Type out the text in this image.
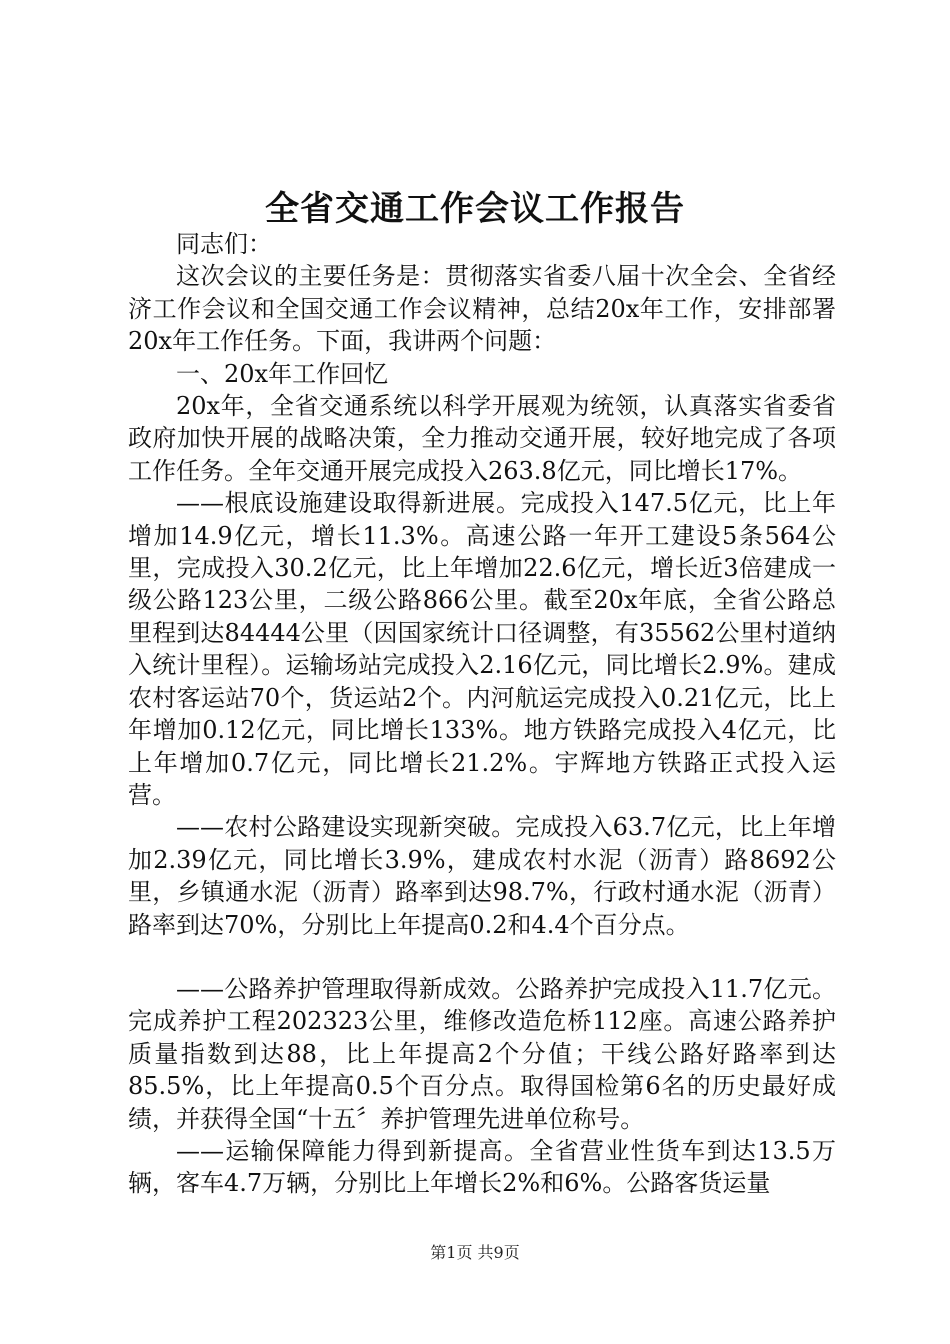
全省交通工作会议工作报告

同志们：

这次会议的主要任务是：贯彻落实省委八届十次全会、全省经济工作会议和全国交通工作会议精神，总结20x年工作，安排部署20x年工作任务。下面，我讲两个问题：

一、20x年工作回忆

20x年，全省交通系统以科学开展观为统领，认真落实省委省政府加快开展的战略决策，全力推动交通开展，较好地完成了各项工作任务。全年交通开展完成投入263.8亿元，同比增长17%。

——根底设施建设取得新进展。完成投入147.5亿元，比上年增加14.9亿元，增长11.3%。高速公路一年开工建设5条564公里，完成投入30.2亿元，比上年增加22.6亿元，增长近3倍建成一级公路123公里，二级公路866公里。截至20x年底，全省公路总里程到达84444公里（因国家统计口径调整，有35562公里村道纳入统计里程）。运输场站完成投入2.16亿元，同比增长2.9%。建成农村客运站70个，货运站2个。内河航运完成投入0.21亿元，比上年增加0.12亿元，同比增长133%。地方铁路完成投入4亿元，比上年增加0.7亿元，同比增长21.2%。宇辉地方铁路正式投入运营。

——农村公路建设实现新突破。完成投入63.7亿元，比上年增加2.39亿元，同比增长3.9%，建成农村水泥（沥青）路8692公里，乡镇通水泥（沥青）路率到达98.7%，行政村通水泥（沥青）路率到达70%，分别比上年提高0.2和4.4个百分点。

——公路养护管理取得新成效。公路养护完成投入11.7亿元。完成养护工程202323公里，维修改造危桥112座。高速公路养护质量指数到达88，比上年提高2个分值；干线公路好路率到达85.5%，比上年提高0.5个百分点。取得国检第6名的历史最好成绩，并获得全国“十五〞养护管理先进单位称号。

——运输保障能力得到新提高。全省营业性货车到达13.5万辆，客车4.7万辆，分别比上年增长2%和6%。公路客货运量

第1页 共9页
